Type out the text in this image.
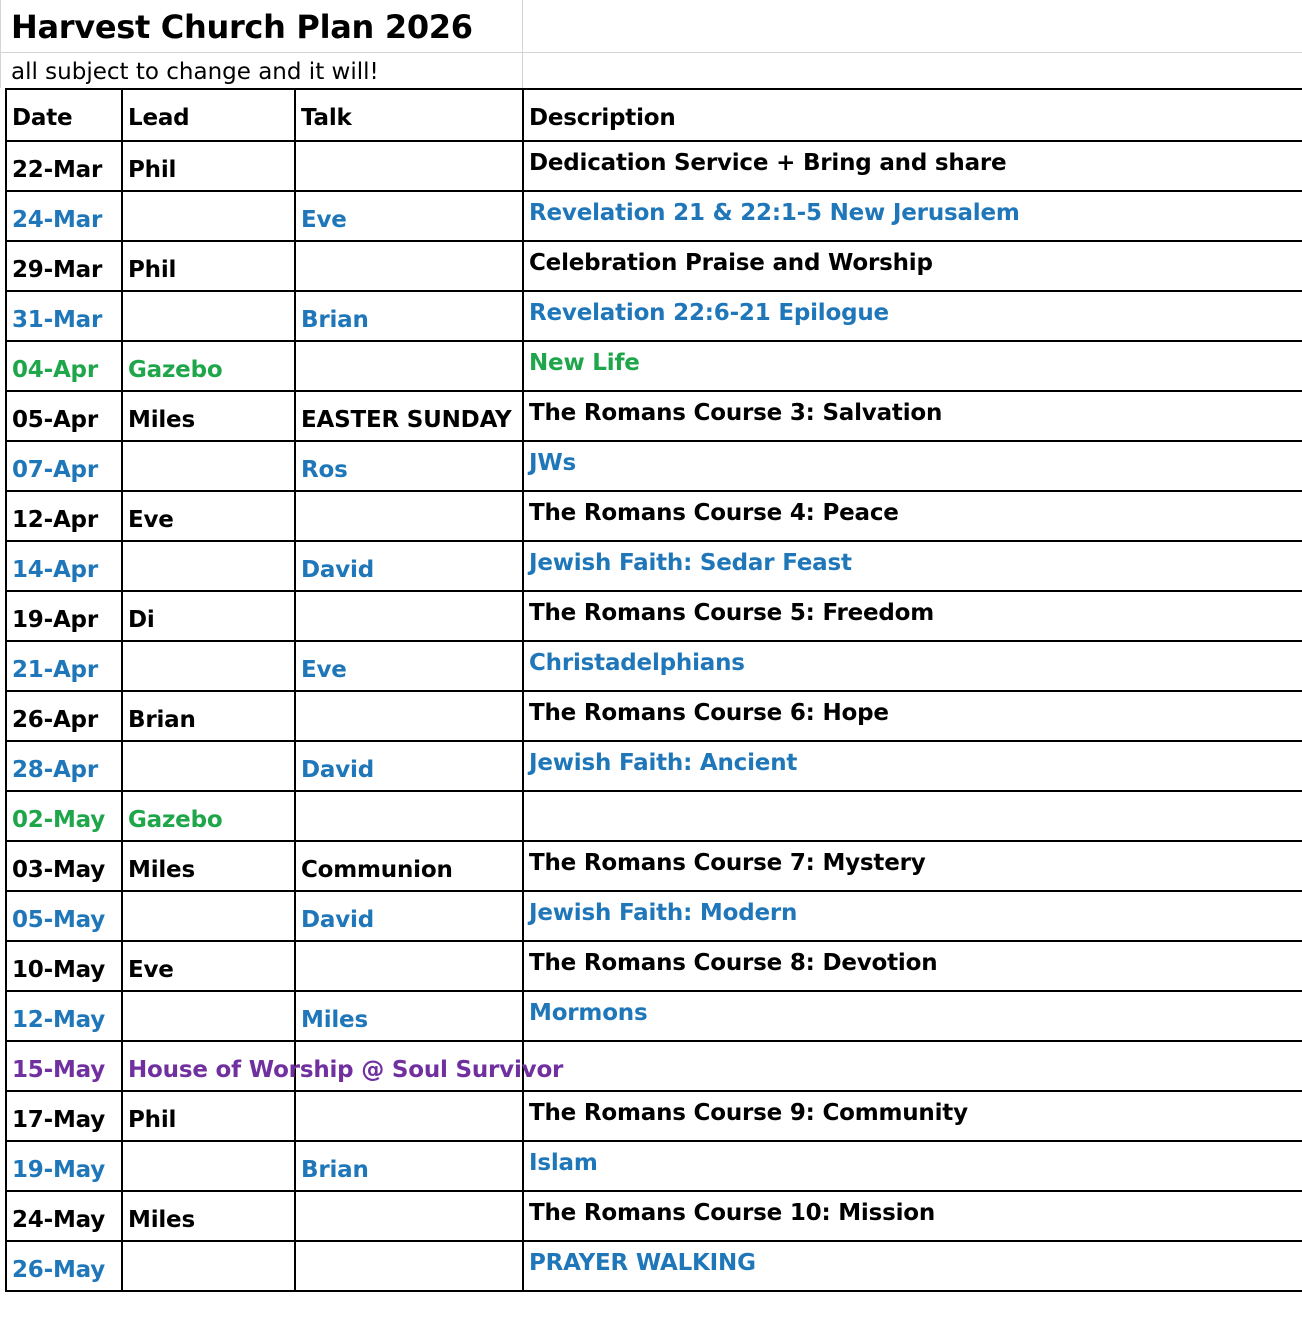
Harvest Church Plan 2026
all subject to change and it will!
Date	Lead	Talk	Description
22-Mar	Phil		Dedication Service + Bring and share
24-Mar		Eve	Revelation 21 & 22:1-5 New Jerusalem
29-Mar	Phil		Celebration Praise and Worship
31-Mar		Brian	Revelation 22:6-21 Epilogue
04-Apr	Gazebo		New Life
05-Apr	Miles	EASTER SUNDAY	The Romans Course 3: Salvation
07-Apr		Ros	JWs
12-Apr	Eve		The Romans Course 4: Peace
14-Apr		David	Jewish Faith: Sedar Feast
19-Apr	Di		The Romans Course 5: Freedom
21-Apr		Eve	Christadelphians
26-Apr	Brian		The Romans Course 6: Hope
28-Apr		David	Jewish Faith: Ancient
02-May	Gazebo		
03-May	Miles	Communion	The Romans Course 7: Mystery
05-May		David	Jewish Faith: Modern
10-May	Eve		The Romans Course 8: Devotion
12-May		Miles	Mormons
15-May	House of Worship @ Soul Survivor		
17-May	Phil		The Romans Course 9: Community
19-May		Brian	Islam
24-May	Miles		The Romans Course 10: Mission
26-May			PRAYER WALKING
